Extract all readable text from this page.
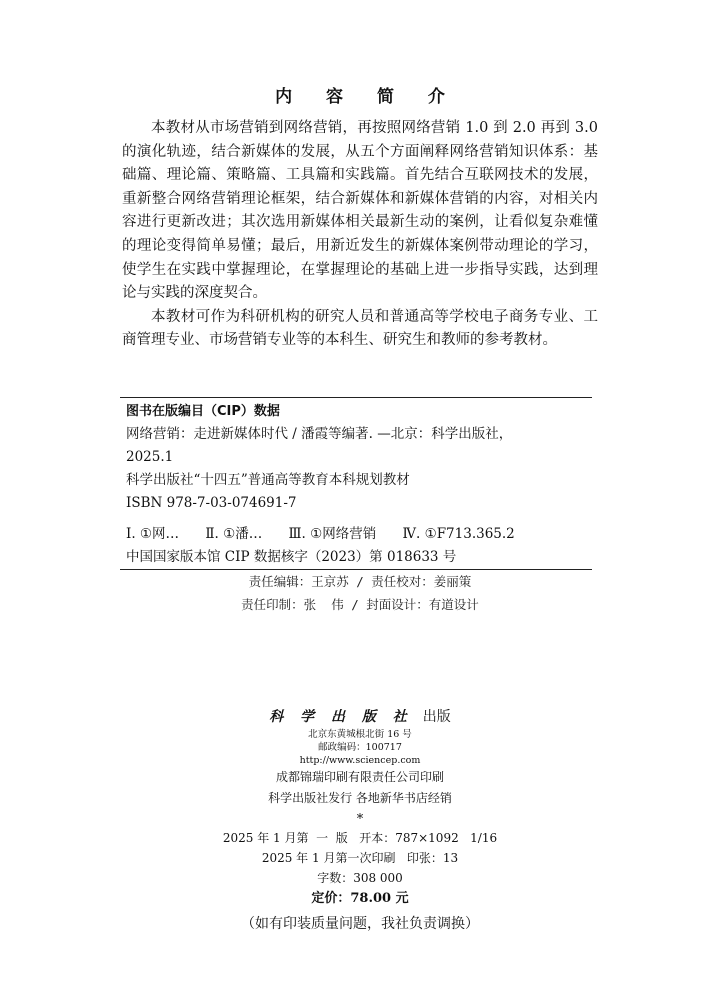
内 容 简 介

本教材从市场营销到网络营销，再按照网络营销 1.0 到 2.0 再到 3.0 的演化轨迹，结合新媒体的发展，从五个方面阐释网络营销知识体系：基础篇、理论篇、策略篇、工具篇和实践篇。首先结合互联网技术的发展，重新整合网络营销理论框架，结合新媒体和新媒体营销的内容，对相关内容进行更新改进；其次选用新媒体相关最新生动的案例，让看似复杂难懂的理论变得简单易懂；最后，用新近发生的新媒体案例带动理论的学习，使学生在实践中掌握理论，在掌握理论的基础上进一步指导实践，达到理论与实践的深度契合。

本教材可作为科研机构的研究人员和普通高等学校电子商务专业、工商管理专业、市场营销专业等的本科生、研究生和教师的参考教材。

图书在版编目（CIP）数据
网络营销：走进新媒体时代 / 潘霞等编著. —北京：科学出版社，
2025.1
科学出版社“十四五”普通高等教育本科规划教材
ISBN 978-7-03-074691-7
Ⅰ. ①网… Ⅱ. ①潘… Ⅲ. ①网络营销 Ⅳ. ①F713.365.2
中国国家版本馆 CIP 数据核字（2023）第 018633 号
责任编辑：王京苏 / 责任校对：姜丽策
责任印制：张  伟 / 封面设计：有道设计
科 学 出 版 社 出版
北京东黄城根北街 16 号
邮政编码：100717
http://www.sciencep.com
成都锦瑞印刷有限责任公司印刷
科学出版社发行 各地新华书店经销
*
2025 年 1 月第  一  版   开本：787×1092   1/16
2025 年 1 月第一次印刷   印张：13
字数：308 000
定价：78.00 元
（如有印装质量问题，我社负责调换）
